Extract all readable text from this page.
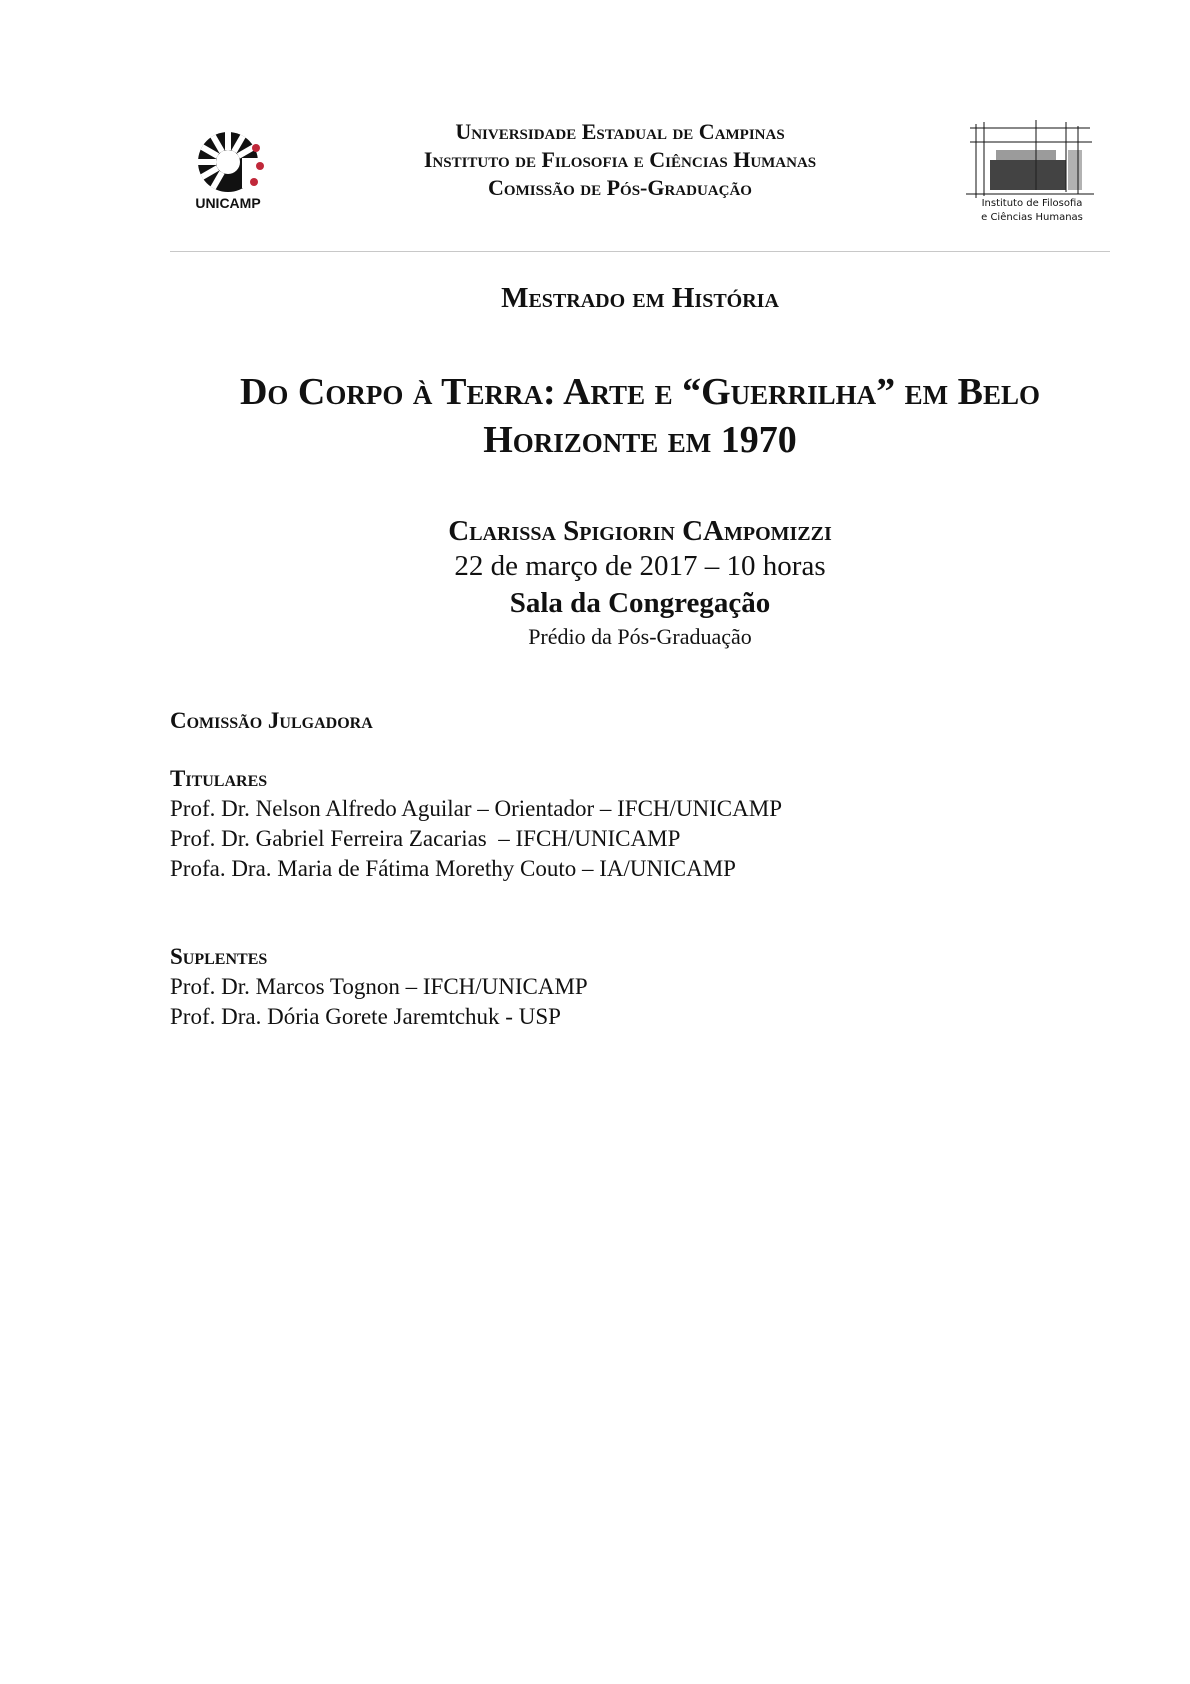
UNICAMP
Universidade Estadual de Campinas
Instituto de Filosofia e Ciências Humanas
Comissão de Pós-Graduação
Instituto de Filosofia
e Ciências Humanas
Mestrado em História
Do Corpo à Terra: Arte e “Guerrilha” em Belo
Horizonte em 1970
Clarissa Spigiorin CAmpomizzi
22 de março de 2017 – 10 horas
Sala da Congregação
Prédio da Pós-Graduação
Comissão Julgadora
Titulares
Prof. Dr. Nelson Alfredo Aguilar – Orientador – IFCH/UNICAMP
Prof. Dr. Gabriel Ferreira Zacarias  – IFCH/UNICAMP
Profa. Dra. Maria de Fátima Morethy Couto – IA/UNICAMP
Suplentes
Prof. Dr. Marcos Tognon – IFCH/UNICAMP
Prof. Dra. Dória Gorete Jaremtchuk - USP
